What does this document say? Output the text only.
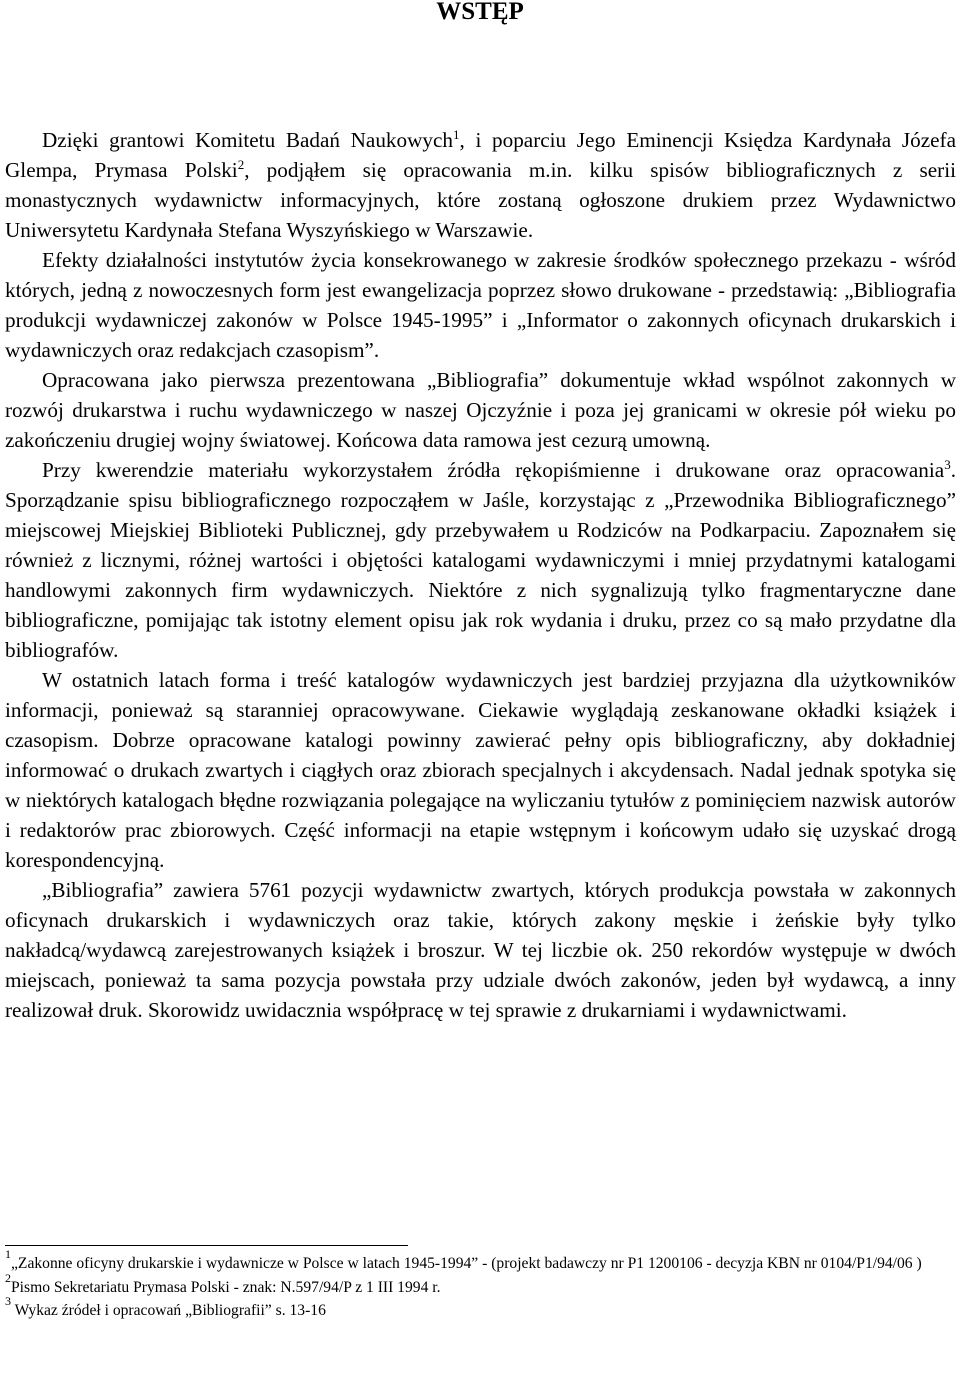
WSTĘP

Dzięki grantowi Komitetu Badań Naukowych$^1$, i poparciu Jego Eminencji Księdza Kardynała Józefa Glempa, Prymasa Polski$^2$, podjąłem się opracowania m.in. kilku spisów bibliograficznych z serii monastycznych wydawnictw informacyjnych, które zostaną ogłoszone drukiem przez Wydawnictwo Uniwersytetu Kardynała Stefana Wyszyńskiego w Warszawie.

Efekty działalności instytutów życia konsekrowanego w zakresie środków społecznego przekazu - wśród których, jedną z nowoczesnych form jest ewangelizacja poprzez słowo drukowane - przedstawią: „Bibliografia produkcji wydawniczej zakonów w Polsce 1945-1995” i „Informator o zakonnych oficynach drukarskich i wydawniczych oraz redakcjach czasopism”.

Opracowana jako pierwsza prezentowana „Bibliografia” dokumentuje wkład wspólnot zakonnych w rozwój drukarstwa i ruchu wydawniczego w naszej Ojczyźnie i poza jej granicami w okresie pół wieku po zakończeniu drugiej wojny światowej. Końcowa data ramowa jest cezurą umowną.

Przy kwerendzie materiału wykorzystałem źródła rękopiśmienne i drukowane oraz opracowania$^3$. Sporządzanie spisu bibliograficznego rozpocząłem w Jaśle, korzystając z „Przewodnika Bibliograficznego” miejscowej Miejskiej Biblioteki Publicznej, gdy przebywałem u Rodziców na Podkarpaciu. Zapoznałem się również z licznymi, różnej wartości i objętości katalogami wydawniczymi i mniej przydatnymi katalogami handlowymi zakonnych firm wydawniczych. Niektóre z nich sygnalizują tylko fragmentaryczne dane bibliograficzne, pomijając tak istotny element opisu jak rok wydania i druku, przez co są mało przydatne dla bibliografów.

W ostatnich latach forma i treść katalogów wydawniczych jest bardziej przyjazna dla użytkowników informacji, ponieważ są staranniej opracowywane. Ciekawie wyglądają zeskanowane okładki książek i czasopism. Dobrze opracowane katalogi powinny zawierać pełny opis bibliograficzny, aby dokładniej informować o drukach zwartych i ciągłych oraz zbiorach specjalnych i akcydensach. Nadal jednak spotyka się w niektórych katalogach błędne rozwiązania polegające na wyliczaniu tytułów z pominięciem nazwisk autorów i redaktorów prac zbiorowych. Część informacji na etapie wstępnym i końcowym udało się uzyskać drogą korespondencyjną.

„Bibliografia” zawiera 5761 pozycji wydawnictw zwartych, których produkcja powstała w zakonnych oficynach drukarskich i wydawniczych oraz takie, których zakony męskie i żeńskie były tylko nakładcą/wydawcą zarejestrowanych książek i broszur. W tej liczbie ok. 250 rekordów występuje w dwóch miejscach, ponieważ ta sama pozycja powstała przy udziale dwóch zakonów, jeden był wydawcą, a inny realizował druk. Skorowidz uwidacznia współpracę w tej sprawie z drukarniami i wydawnictwami.

$^1$„Zakonne oficyny drukarskie i wydawnicze w Polsce w latach 1945-1994” - (projekt badawczy nr P1 1200106 - decyzja KBN nr 0104/P1/94/06 )

$^2$Pismo Sekretariatu Prymasa Polski - znak: N.597/94/P z 1 III 1994 r.

$^3$ Wykaz źródeł i opracowań „Bibliografii” s. 13-16
